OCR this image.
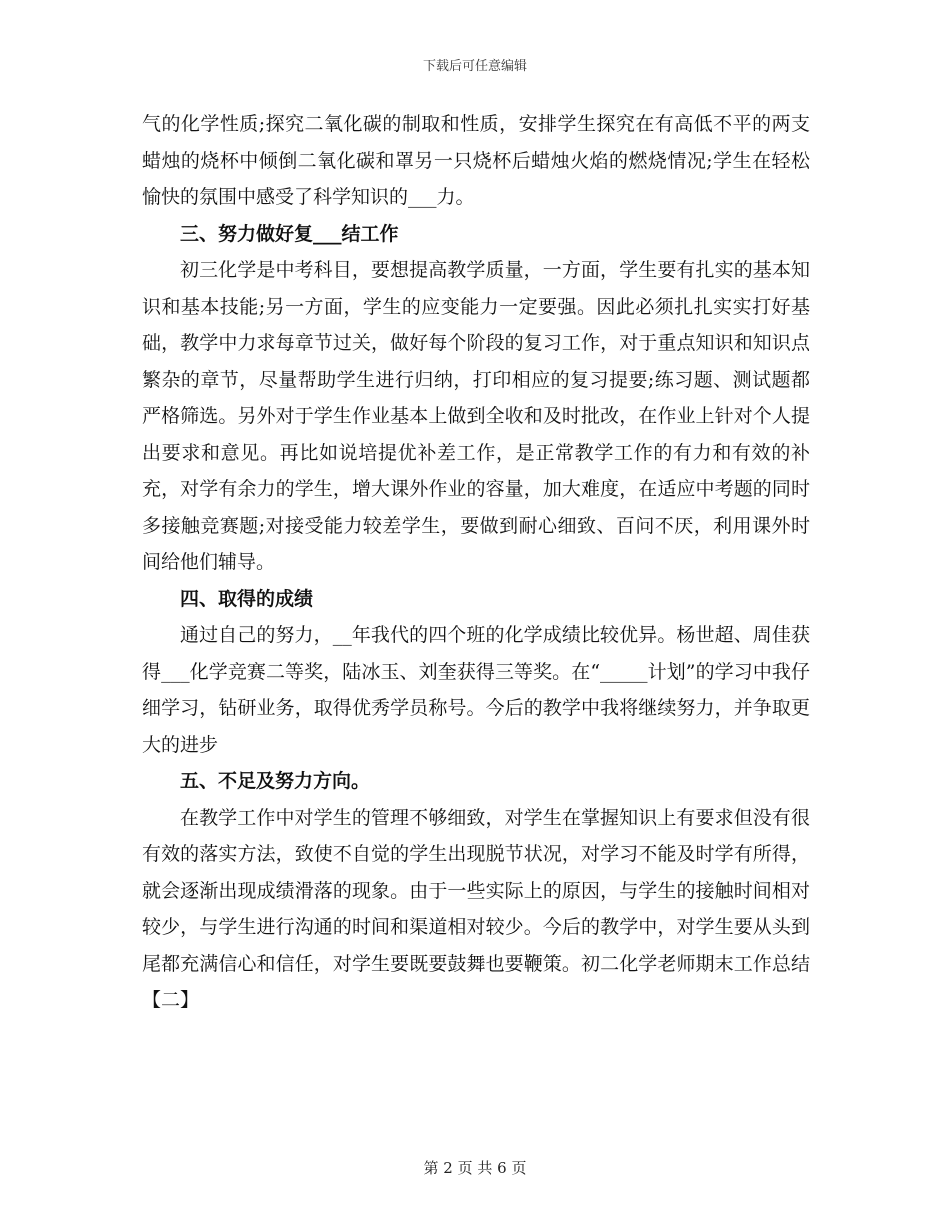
下载后可任意编辑

气的化学性质;探究二氧化碳的制取和性质，安排学生探究在有高低不平的两支蜡烛的烧杯中倾倒二氧化碳和罩另一只烧杯后蜡烛火焰的燃烧情况;学生在轻松愉快的氛围中感受了科学知识的___力。

三、努力做好复___结工作

初三化学是中考科目，要想提高教学质量，一方面，学生要有扎实的基本知识和基本技能;另一方面，学生的应变能力一定要强。因此必须扎扎实实打好基础，教学中力求每章节过关，做好每个阶段的复习工作，对于重点知识和知识点繁杂的章节，尽量帮助学生进行归纳，打印相应的复习提要;练习题、测试题都严格筛选。另外对于学生作业基本上做到全收和及时批改，在作业上针对个人提出要求和意见。再比如说培提优补差工作，是正常教学工作的有力和有效的补充，对学有余力的学生，增大课外作业的容量，加大难度，在适应中考题的同时多接触竞赛题;对接受能力较差学生，要做到耐心细致、百问不厌，利用课外时间给他们辅导。

四、取得的成绩

通过自己的努力，__年我代的四个班的化学成绩比较优异。杨世超、周佳获得___化学竞赛二等奖，陆冰玉、刘奎获得三等奖。在“_____计划”的学习中我仔细学习，钻研业务，取得优秀学员称号。今后的教学中我将继续努力，并争取更大的进步

五、不足及努力方向。

在教学工作中对学生的管理不够细致，对学生在掌握知识上有要求但没有很有效的落实方法，致使不自觉的学生出现脱节状况，对学习不能及时学有所得，就会逐渐出现成绩滑落的现象。由于一些实际上的原因，与学生的接触时间相对较少，与学生进行沟通的时间和渠道相对较少。今后的教学中，对学生要从头到尾都充满信心和信任，对学生要既要鼓舞也要鞭策。初二化学老师期末工作总结【二】

第 2 页 共 6 页
